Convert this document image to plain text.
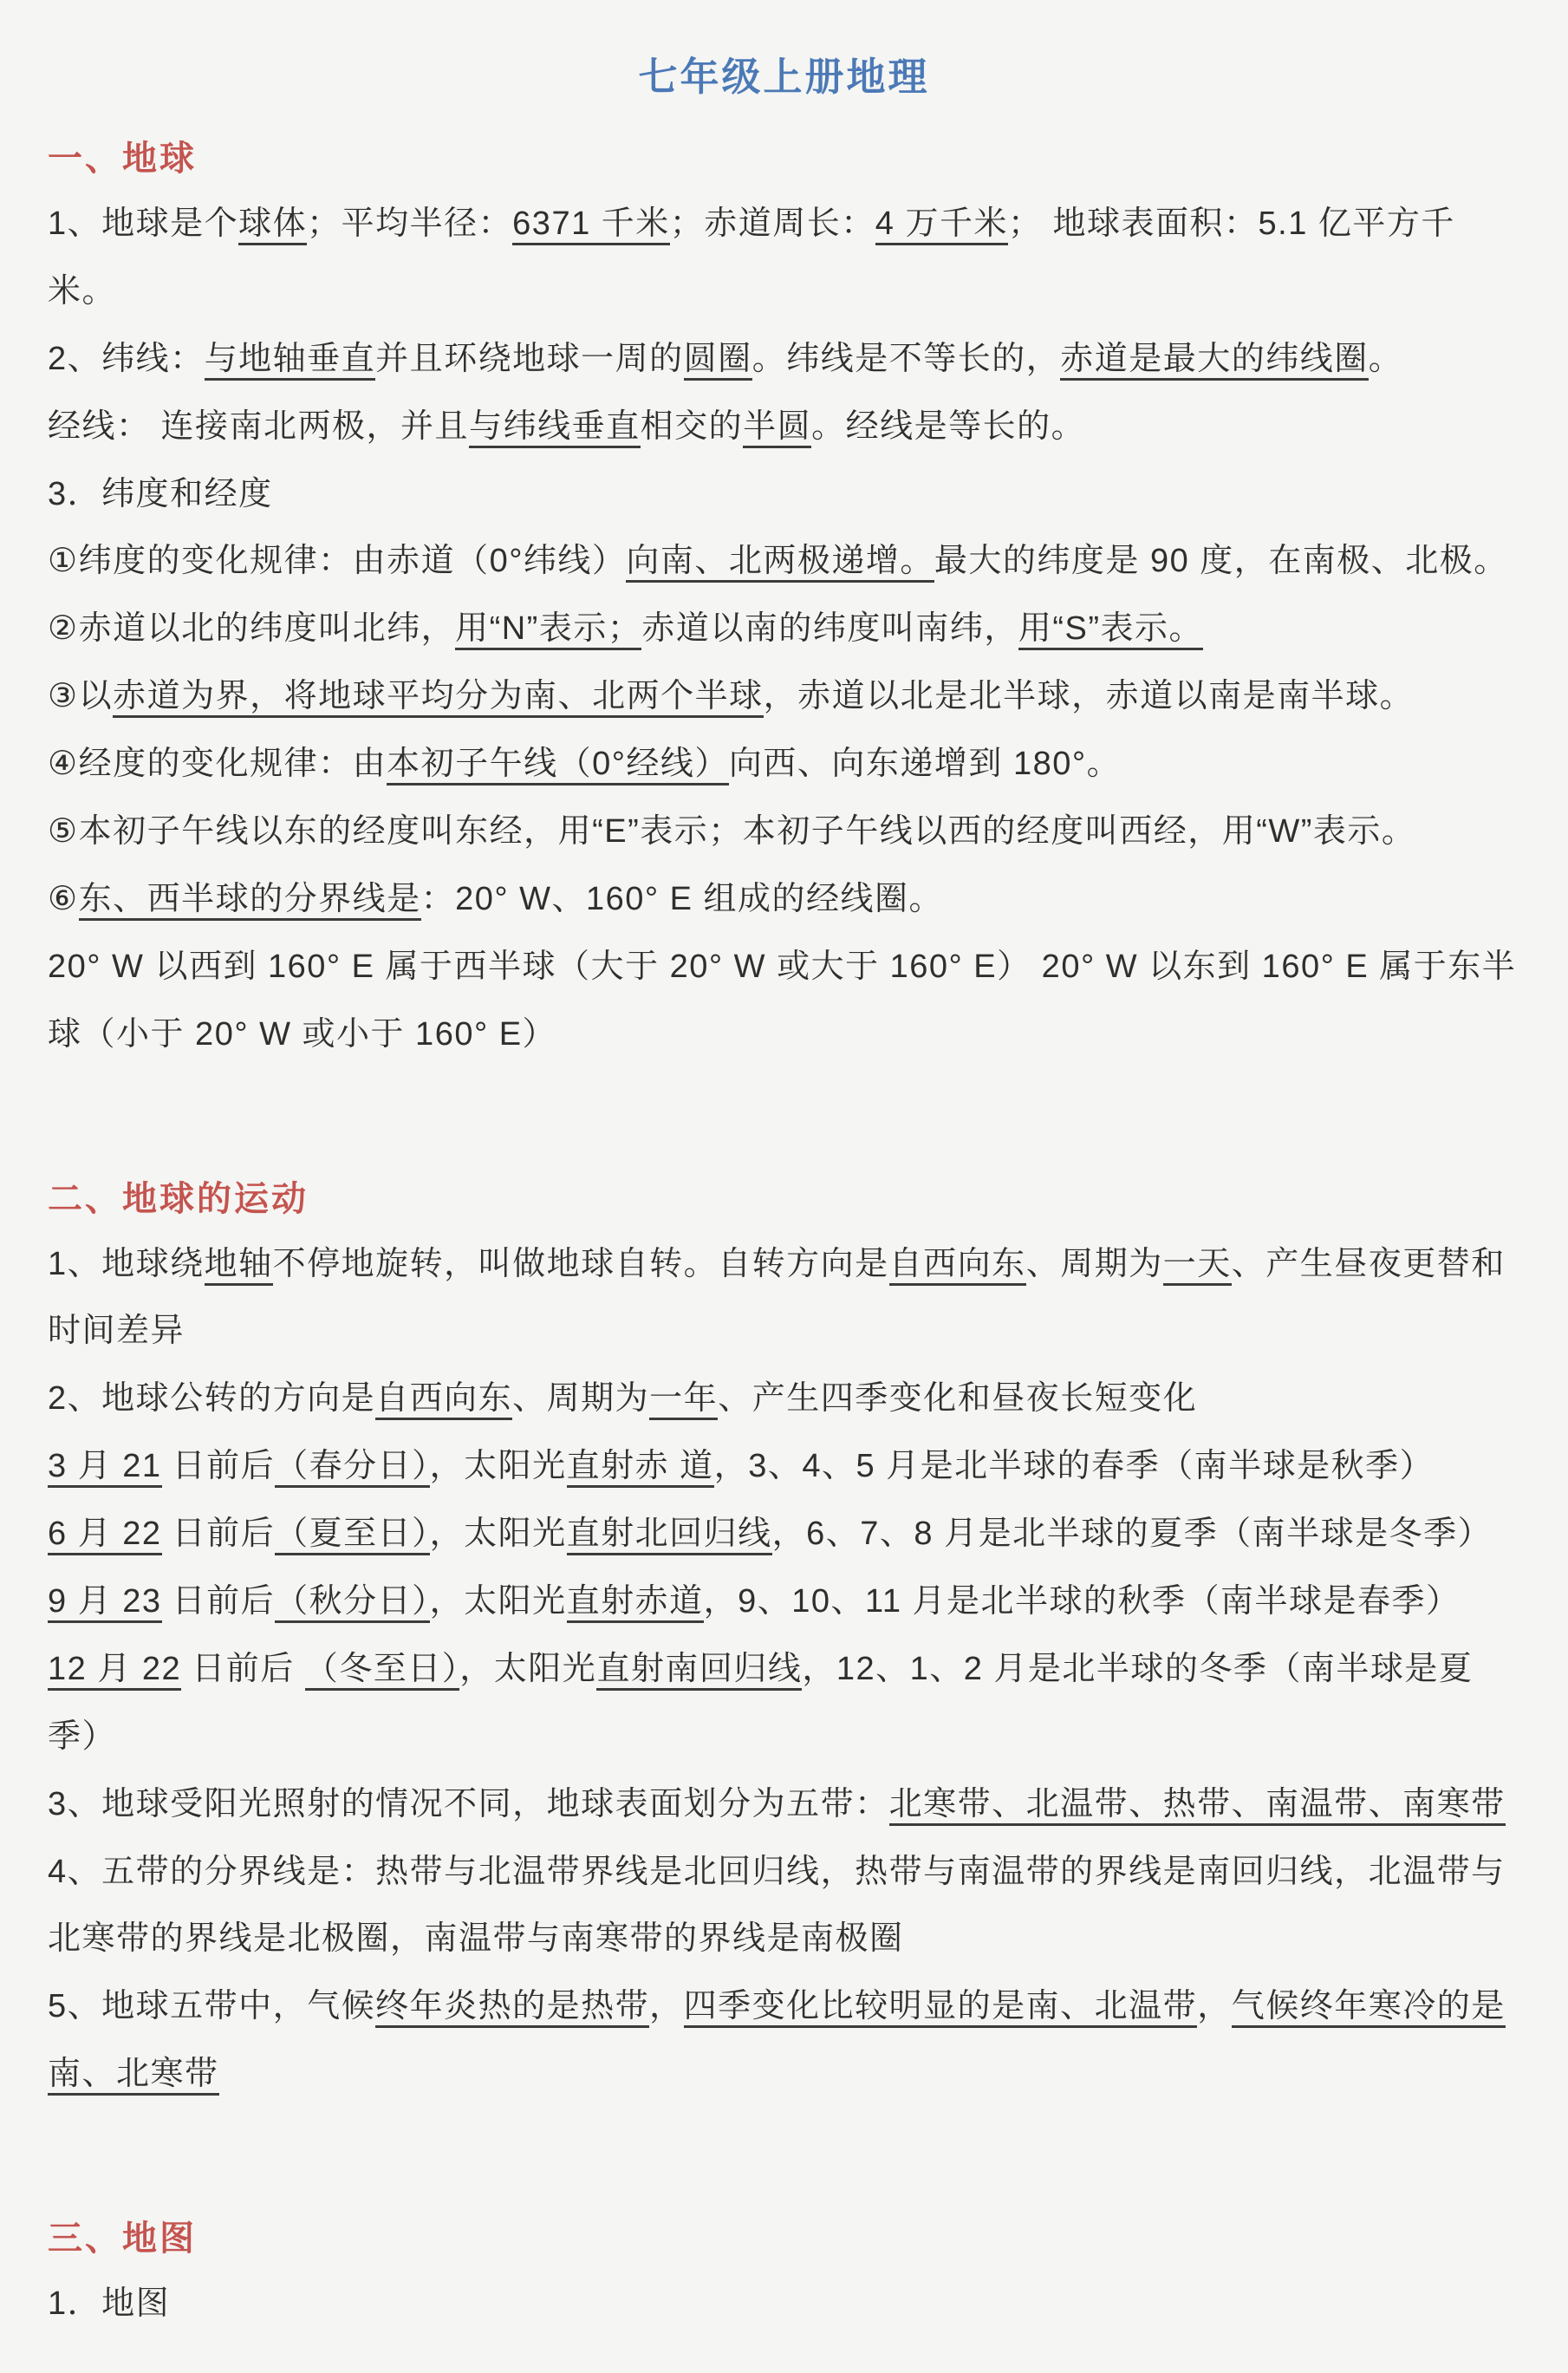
七年级上册地理
一、地球

1、地球是个球体；平均半径：6371 千米；赤道周长：4 万千米； 地球表面积：5.1 亿平方千米。

2、纬线：与地轴垂直并且环绕地球一周的圆圈。纬线是不等长的，赤道是最大的纬线圈。

经线： 连接南北两极，并且与纬线垂直相交的半圆。经线是等长的。

3．纬度和经度

①纬度的变化规律：由赤道（0°纬线）向南、北两极递增。最大的纬度是 90 度，在南极、北极。

②赤道以北的纬度叫北纬，用“N”表示；赤道以南的纬度叫南纬，用“S”表示。

③以赤道为界，将地球平均分为南、北两个半球，赤道以北是北半球，赤道以南是南半球。

④经度的变化规律：由本初子午线（0°经线）向西、向东递增到 180°。

⑤本初子午线以东的经度叫东经，用“E”表示；本初子午线以西的经度叫西经，用“W”表示。

⑥东、西半球的分界线是：20° W、160° E 组成的经线圈。

20° W 以西到 160° E 属于西半球（大于 20° W 或大于 160° E） 20° W 以东到 160° E 属于东半球（小于 20° W 或小于 160° E）

二、地球的运动

1、地球绕地轴不停地旋转，叫做地球自转。自转方向是自西向东、周期为一天、产生昼夜更替和时间差异

2、地球公转的方向是自西向东、周期为一年、产生四季变化和昼夜长短变化

3 月 21 日前后（春分日），太阳光直射赤 道，3、4、5 月是北半球的春季（南半球是秋季）

6 月 22 日前后（夏至日），太阳光直射北回归线，6、7、8 月是北半球的夏季（南半球是冬季）

9 月 23 日前后（秋分日），太阳光直射赤道，9、10、11 月是北半球的秋季（南半球是春季）

12 月 22 日前后 （冬至日），太阳光直射南回归线，12、1、2 月是北半球的冬季（南半球是夏季）

3、地球受阳光照射的情况不同，地球表面划分为五带：北寒带、北温带、热带、南温带、南寒带

4、五带的分界线是：热带与北温带界线是北回归线，热带与南温带的界线是南回归线，北温带与北寒带的界线是北极圈，南温带与南寒带的界线是南极圈

5、地球五带中，气候终年炎热的是热带，四季变化比较明显的是南、北温带，气候终年寒冷的是南、北寒带

三、地图

1．地图
